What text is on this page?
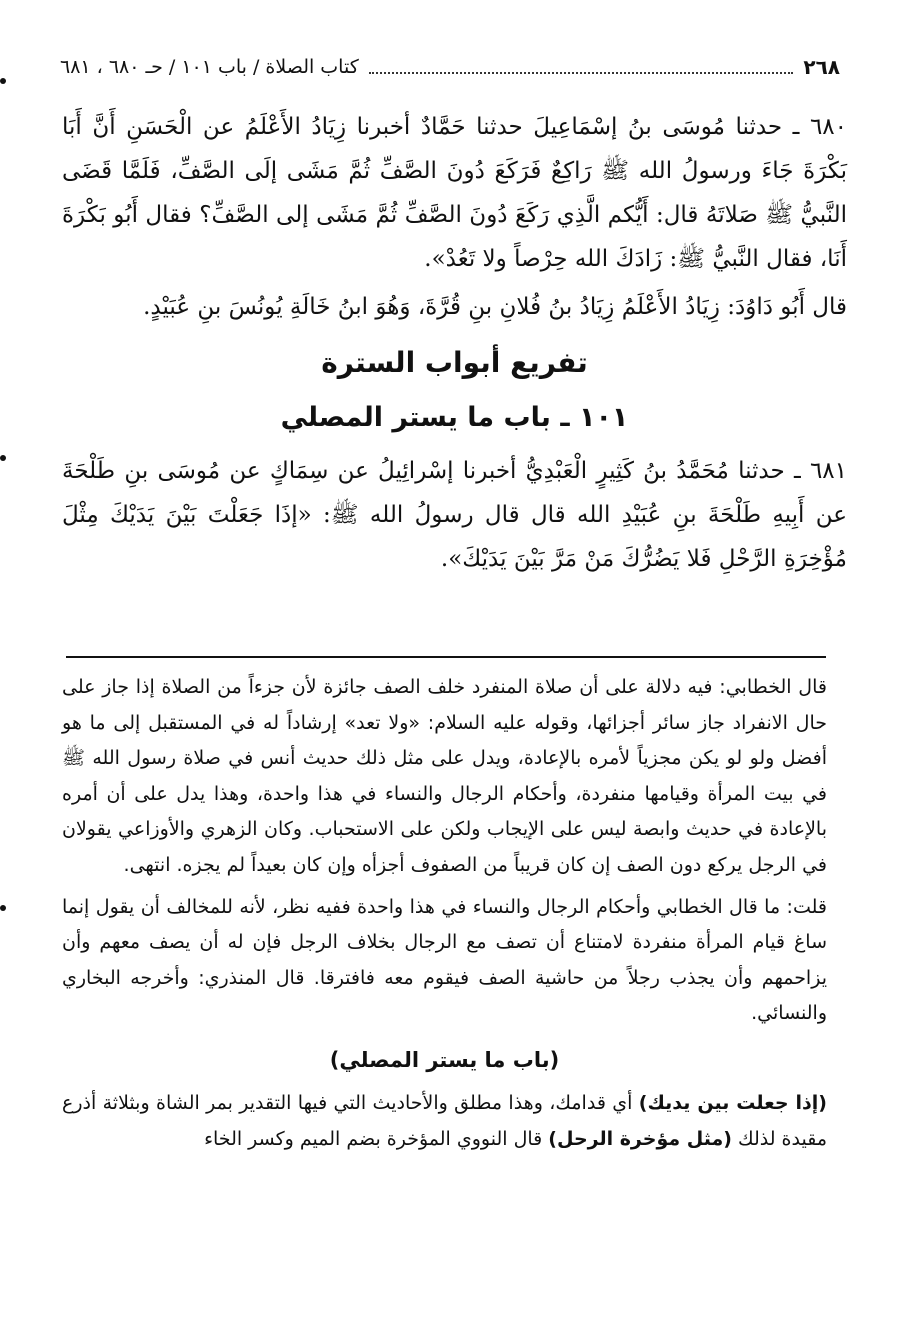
٢٦٨
كتاب الصلاة / باب ١٠١ / حـ ٦٨٠ ، ٦٨١

٦٨٠ ـ حدثنا مُوسَى بنُ إسْمَاعِيلَ حدثنا حَمَّادٌ أخبرنا زِيَادُ الأَعْلَمُ عن الْحَسَنِ أَنَّ أَبَا بَكْرَةَ جَاءَ ورسولُ الله ﷺ رَاكِعٌ فَرَكَعَ دُونَ الصَّفِّ ثُمَّ مَشَى إلَى الصَّفِّ، فَلَمَّا قَضَى النَّبيُّ ﷺ صَلاتَهُ قال: أَيُّكم الَّذِي رَكَعَ دُونَ الصَّفِّ ثُمَّ مَشَى إلى الصَّفِّ؟ فقال أَبُو بَكْرَةَ أَنَا، فقال النَّبيُّ ﷺ: زَادَكَ الله حِرْصاً ولا تَعُدْ».

قال أَبُو دَاوُدَ: زِيَادُ الأَعْلَمُ زِيَادُ بنُ فُلانِ بنِ قُرَّةَ، وَهُوَ ابنُ خَالَةِ يُونُسَ بنِ عُبَيْدٍ.

تفريع أبواب السترة
١٠١ ـ باب ما يستر المصلي

٦٨١ ـ حدثنا مُحَمَّدُ بنُ كَثِيرٍ الْعَبْدِيُّ أخبرنا إسْرائِيلُ عن سِمَاكٍ عن مُوسَى بنِ طَلْحَةَ عن أَبِيهِ طَلْحَةَ بنِ عُبَيْدِ الله قال قال رسولُ الله ﷺ: «إذَا جَعَلْتَ بَيْنَ يَدَيْكَ مِثْلَ مُؤْخِرَةِ الرَّحْلِ فَلا يَضُرُّكَ مَنْ مَرَّ بَيْنَ يَدَيْكَ».

قال الخطابي: فيه دلالة على أن صلاة المنفرد خلف الصف جائزة لأن جزءاً من الصلاة إذا جاز على حال الانفراد جاز سائر أجزائها، وقوله عليه السلام: «ولا تعد» إرشاداً له في المستقبل إلى ما هو أفضل ولو لو يكن مجزياً لأمره بالإعادة، ويدل على مثل ذلك حديث أنس في صلاة رسول الله ﷺ في بيت المرأة وقيامها منفردة، وأحكام الرجال والنساء في هذا واحدة، وهذا يدل على أن أمره بالإعادة في حديث وابصة ليس على الإيجاب ولكن على الاستحباب. وكان الزهري والأوزاعي يقولان في الرجل يركع دون الصف إن كان قريباً من الصفوف أجزأه وإن كان بعيداً لم يجزه. انتهى.

قلت: ما قال الخطابي وأحكام الرجال والنساء في هذا واحدة ففيه نظر، لأنه للمخالف أن يقول إنما ساغ قيام المرأة منفردة لامتناع أن تصف مع الرجال بخلاف الرجل فإن له أن يصف معهم وأن يزاحمهم وأن يجذب رجلاً من حاشية الصف فيقوم معه فافترقا. قال المنذري: وأخرجه البخاري والنسائي.

(باب ما يستر المصلي)

(إذا جعلت بين يديك) أي قدامك، وهذا مطلق والأحاديث التي فيها التقدير بمر الشاة وبثلاثة أذرع مقيدة لذلك (مثل مؤخرة الرحل) قال النووي المؤخرة بضم الميم وكسر الخاء
